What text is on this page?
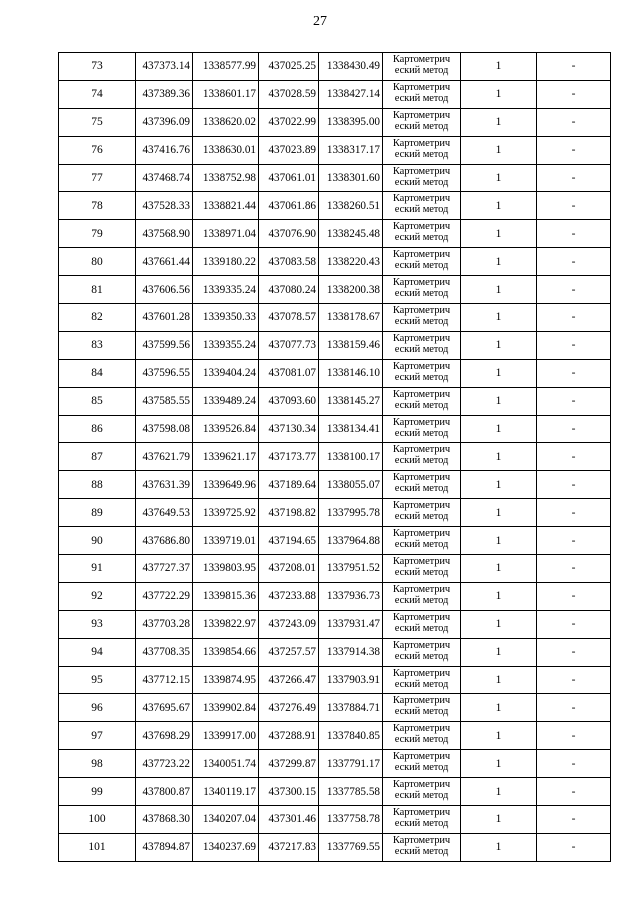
27
73	437373.14	1338577.99	437025.25	1338430.49	Картометрич
еский метод	1	-
74	437389.36	1338601.17	437028.59	1338427.14	Картометрич
еский метод	1	-
75	437396.09	1338620.02	437022.99	1338395.00	Картометрич
еский метод	1	-
76	437416.76	1338630.01	437023.89	1338317.17	Картометрич
еский метод	1	-
77	437468.74	1338752.98	437061.01	1338301.60	Картометрич
еский метод	1	-
78	437528.33	1338821.44	437061.86	1338260.51	Картометрич
еский метод	1	-
79	437568.90	1338971.04	437076.90	1338245.48	Картометрич
еский метод	1	-
80	437661.44	1339180.22	437083.58	1338220.43	Картометрич
еский метод	1	-
81	437606.56	1339335.24	437080.24	1338200.38	Картометрич
еский метод	1	-
82	437601.28	1339350.33	437078.57	1338178.67	Картометрич
еский метод	1	-
83	437599.56	1339355.24	437077.73	1338159.46	Картометрич
еский метод	1	-
84	437596.55	1339404.24	437081.07	1338146.10	Картометрич
еский метод	1	-
85	437585.55	1339489.24	437093.60	1338145.27	Картометрич
еский метод	1	-
86	437598.08	1339526.84	437130.34	1338134.41	Картометрич
еский метод	1	-
87	437621.79	1339621.17	437173.77	1338100.17	Картометрич
еский метод	1	-
88	437631.39	1339649.96	437189.64	1338055.07	Картометрич
еский метод	1	-
89	437649.53	1339725.92	437198.82	1337995.78	Картометрич
еский метод	1	-
90	437686.80	1339719.01	437194.65	1337964.88	Картометрич
еский метод	1	-
91	437727.37	1339803.95	437208.01	1337951.52	Картометрич
еский метод	1	-
92	437722.29	1339815.36	437233.88	1337936.73	Картометрич
еский метод	1	-
93	437703.28	1339822.97	437243.09	1337931.47	Картометрич
еский метод	1	-
94	437708.35	1339854.66	437257.57	1337914.38	Картометрич
еский метод	1	-
95	437712.15	1339874.95	437266.47	1337903.91	Картометрич
еский метод	1	-
96	437695.67	1339902.84	437276.49	1337884.71	Картометрич
еский метод	1	-
97	437698.29	1339917.00	437288.91	1337840.85	Картометрич
еский метод	1	-
98	437723.22	1340051.74	437299.87	1337791.17	Картометрич
еский метод	1	-
99	437800.87	1340119.17	437300.15	1337785.58	Картометрич
еский метод	1	-
100	437868.30	1340207.04	437301.46	1337758.78	Картометрич
еский метод	1	-
101	437894.87	1340237.69	437217.83	1337769.55	Картометрич
еский метод	1	-
